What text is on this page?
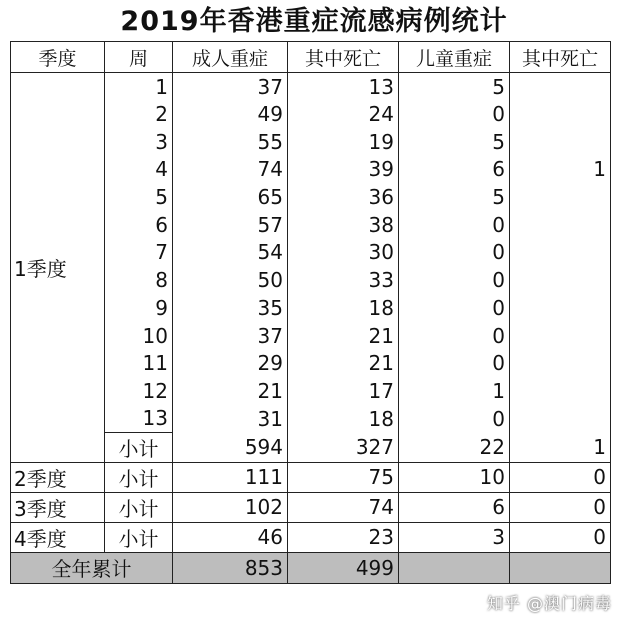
2019年香港重症流感病例统计
季度	周	成人重症	其中死亡	儿童重症	其中死亡
1季度	1	37	13	5	
	2	49	24	0	
	3	55	19	5	
	4	74	39	6	1
	5	65	36	5	
	6	57	38	0	
	7	54	30	0	
	8	50	33	0	
	9	35	18	0	
	10	37	21	0	
	11	29	21	0	
	12	21	17	1	
	13	31	18	0	
	小计	594	327	22	1
2季度	小计	111	75	10	0
3季度	小计	102	74	6	0
4季度	小计	46	23	3	0
全年累计		853	499		
知乎 @澳门病毒
